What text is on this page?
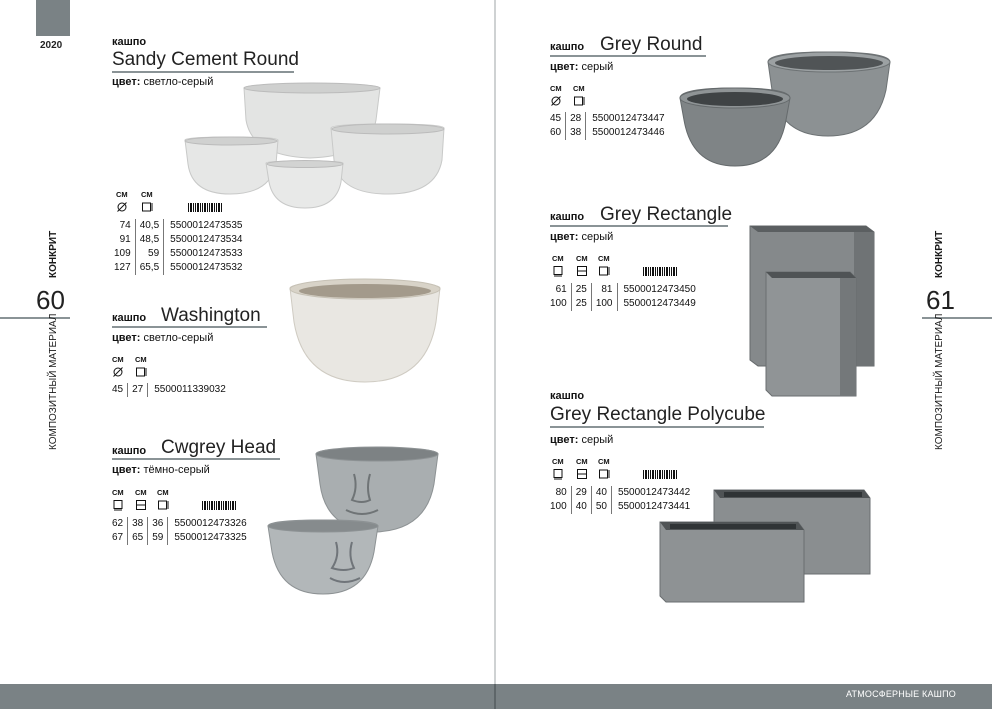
2020
АТМОСФЕРНЫЕ КАШПО
КОНКРИТ
60
КОМПОЗИТНЫЙ МАТЕРИАЛ
КОНКРИТ
61
КОМПОЗИТНЫЙ МАТЕРИАЛ
кашпо
Sandy Cement Round
цвет: светло-серый
CM CM
74	40,5	5500012473535
91	48,5	5500012473534
109	59	5500012473533
127	65,5	5500012473532
кашпо Washington
цвет: светло-серый
CM CM
45	27	5500011339032
кашпо Cwgrey Head
цвет: тёмно-серый
CM CM CM
62	38	36	5500012473326
67	65	59	5500012473325
кашпо Grey Round
цвет: серый
CM CM
45	28	5500012473447
60	38	5500012473446
кашпо Grey Rectangle
цвет: серый
CM CM CM
61	25	81	5500012473450
100	25	100	5500012473449
кашпо
Grey Rectangle Polycube
цвет: серый
CM CM CM
80	29	40	5500012473442
100	40	50	5500012473441
